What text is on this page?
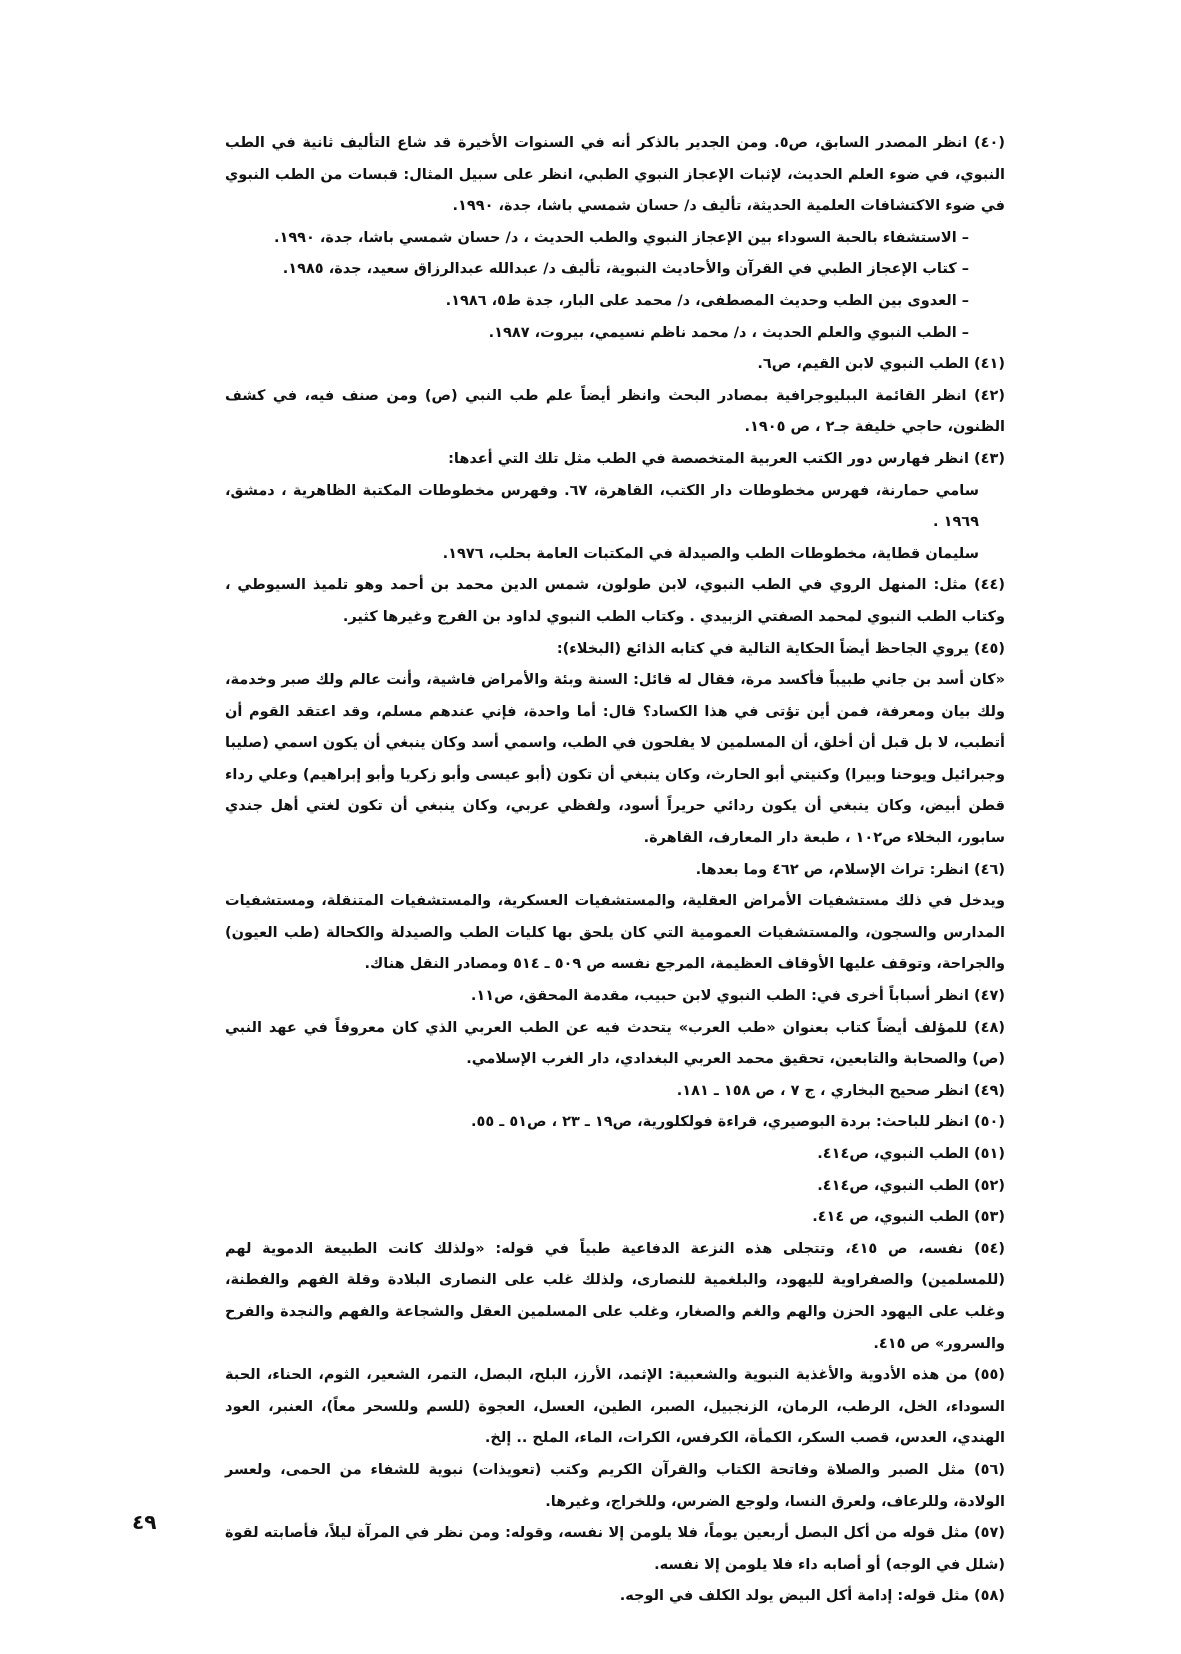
(٤٠) انظر المصدر السابق، ص٥. ومن الجدير بالذكر أنه في السنوات الأخيرة قد شاع التأليف ثانية في الطب النبوي، في ضوء العلم الحديث، لإثبات الإعجاز النبوي الطبي، انظر على سبيل المثال: قبسات من الطب النبوي في ضوء الاكتشافات العلمية الحديثة، تأليف د/ حسان شمسي باشا، جدة، ١٩٩٠.

– الاستشفاء بالحبة السوداء بين الإعجاز النبوي والطب الحديث ، د/ حسان شمسي باشا، جدة، ١٩٩٠.

– كتاب الإعجاز الطبي في القرآن والأحاديث النبوية، تأليف د/ عبدالله عبدالرزاق سعيد، جدة، ١٩٨٥.

– العدوى بين الطب وحديث المصطفى، د/ محمد على البار، جدة ط٥، ١٩٨٦.

– الطب النبوي والعلم الحديث ، د/ محمد ناظم نسيمي، بيروت، ١٩٨٧.

(٤١) الطب النبوي لابن القيم، ص٦.

(٤٢) انظر القائمة الببليوجرافية بمصادر البحث وانظر أيضاً علم طب النبي (ص) ومن صنف فيه، في كشف الظنون، حاجي خليفة جـ٢ ، ص ١٩٠٥.

(٤٣) انظر فهارس دور الكتب العربية المتخصصة في الطب مثل تلك التي أعدها:

سامي حمارنة، فهرس مخطوطات دار الكتب، القاهرة، ٦٧. وفهرس مخطوطات المكتبة الظاهرية ، دمشق، ١٩٦٩ .

سليمان قطاية، مخطوطات الطب والصيدلة في المكتبات العامة بحلب، ١٩٧٦.

(٤٤) مثل: المنهل الروي في الطب النبوي، لابن طولون، شمس الدين محمد بن أحمد وهو تلميذ السيوطي ، وكتاب الطب النبوي لمحمد الصفتي الزبيدي . وكتاب الطب النبوي لداود بن الفرج وغيرها كثير.

(٤٥) يروي الجاحظ أيضاً الحكاية التالية في كتابه الذائع (البخلاء):

«كان أسد بن جاني طبيباً فأكسد مرة، فقال له قائل: السنة وبئة والأمراض فاشية، وأنت عالم ولك صبر وخدمة، ولك بيان ومعرفة، فمن أين تؤتى في هذا الكساد؟ قال: أما واحدة، فإني عندهم مسلم، وقد اعتقد القوم أن أتطبب، لا بل قبل أن أخلق، أن المسلمين لا يفلحون في الطب، واسمي أسد وكان ينبغي أن يكون اسمي (صليبا وجبرائيل ويوحنا وبيرا) وكنيتي أبو الحارث، وكان ينبغي أن تكون (أبو عيسى وأبو زكريا وأبو إبراهيم) وعلي رداء قطن أبيض، وكان ينبغي أن يكون ردائي حريراً أسود، ولفظي عربي، وكان ينبغي أن تكون لغتي أهل جندي سابور، البخلاء ص١٠٢ ، طبعة دار المعارف، القاهرة.

(٤٦) انظر: تراث الإسلام، ص ٤٦٢ وما بعدها.

ويدخل في ذلك مستشفيات الأمراض العقلية، والمستشفيات العسكرية، والمستشفيات المتنقلة، ومستشفيات المدارس والسجون، والمستشفيات العمومية التي كان يلحق بها كليات الطب والصيدلة والكحالة (طب العيون) والجراحة، وتوقف عليها الأوقاف العظيمة، المرجع نفسه ص ٥٠٩ ـ ٥١٤ ومصادر النقل هناك.

(٤٧) انظر أسباباً أخرى في: الطب النبوي لابن حبيب، مقدمة المحقق، ص١١.

(٤٨) للمؤلف أيضاً كتاب بعنوان «طب العرب» يتحدث فيه عن الطب العربي الذي كان معروفاً في عهد النبي (ص) والصحابة والتابعين، تحقيق محمد العربي البغدادي، دار الغرب الإسلامي.

(٤٩) انظر صحيح البخاري ، ج ٧ ، ص ١٥٨ ـ ١٨١.

(٥٠) انظر للباحث: بردة البوصيري، قراءة فولكلورية، ص١٩ ـ ٢٣ ، ص٥١ ـ ٥٥.

(٥١) الطب النبوي، ص٤١٤.

(٥٢) الطب النبوي، ص٤١٤.

(٥٣) الطب النبوي، ص ٤١٤.

(٥٤) نفسه، ص ٤١٥، وتتجلى هذه النزعة الدفاعية طبياً في قوله: «ولذلك كانت الطبيعة الدموية لهم (للمسلمين) والصفراوية لليهود، والبلغمية للنصارى، ولذلك غلب على النصارى البلادة وقلة الفهم والفطنة، وغلب على اليهود الحزن والهم والغم والصغار، وغلب على المسلمين العقل والشجاعة والفهم والنجدة والفرح والسرور» ص ٤١٥.

(٥٥) من هذه الأدوية والأغذية النبوية والشعبية: الإثمد، الأرز، البلح، البصل، التمر، الشعير، الثوم، الحناء، الحبة السوداء، الخل، الرطب، الرمان، الزنجبيل، الصبر، الطين، العسل، العجوة (للسم وللسحر معاً)، العنبر، العود الهندي، العدس، قصب السكر، الكمأة، الكرفس، الكرات، الماء، الملح .. إلخ.

(٥٦) مثل الصبر والصلاة وفاتحة الكتاب والقرآن الكريم وكتب (تعويذات) نبوية للشفاء من الحمى، ولعسر الولادة، وللرعاف، ولعرق النسا، ولوجع الضرس، وللخراج، وغيرها.

(٥٧) مثل قوله من أكل البصل أربعين يوماً، فلا يلومن إلا نفسه، وقوله: ومن نظر في المرآة ليلاً، فأصابته لقوة (شلل في الوجه) أو أصابه داء فلا يلومن إلا نفسه.

(٥٨) مثل قوله: إدامة أكل البيض يولد الكلف في الوجه.

٤٩
